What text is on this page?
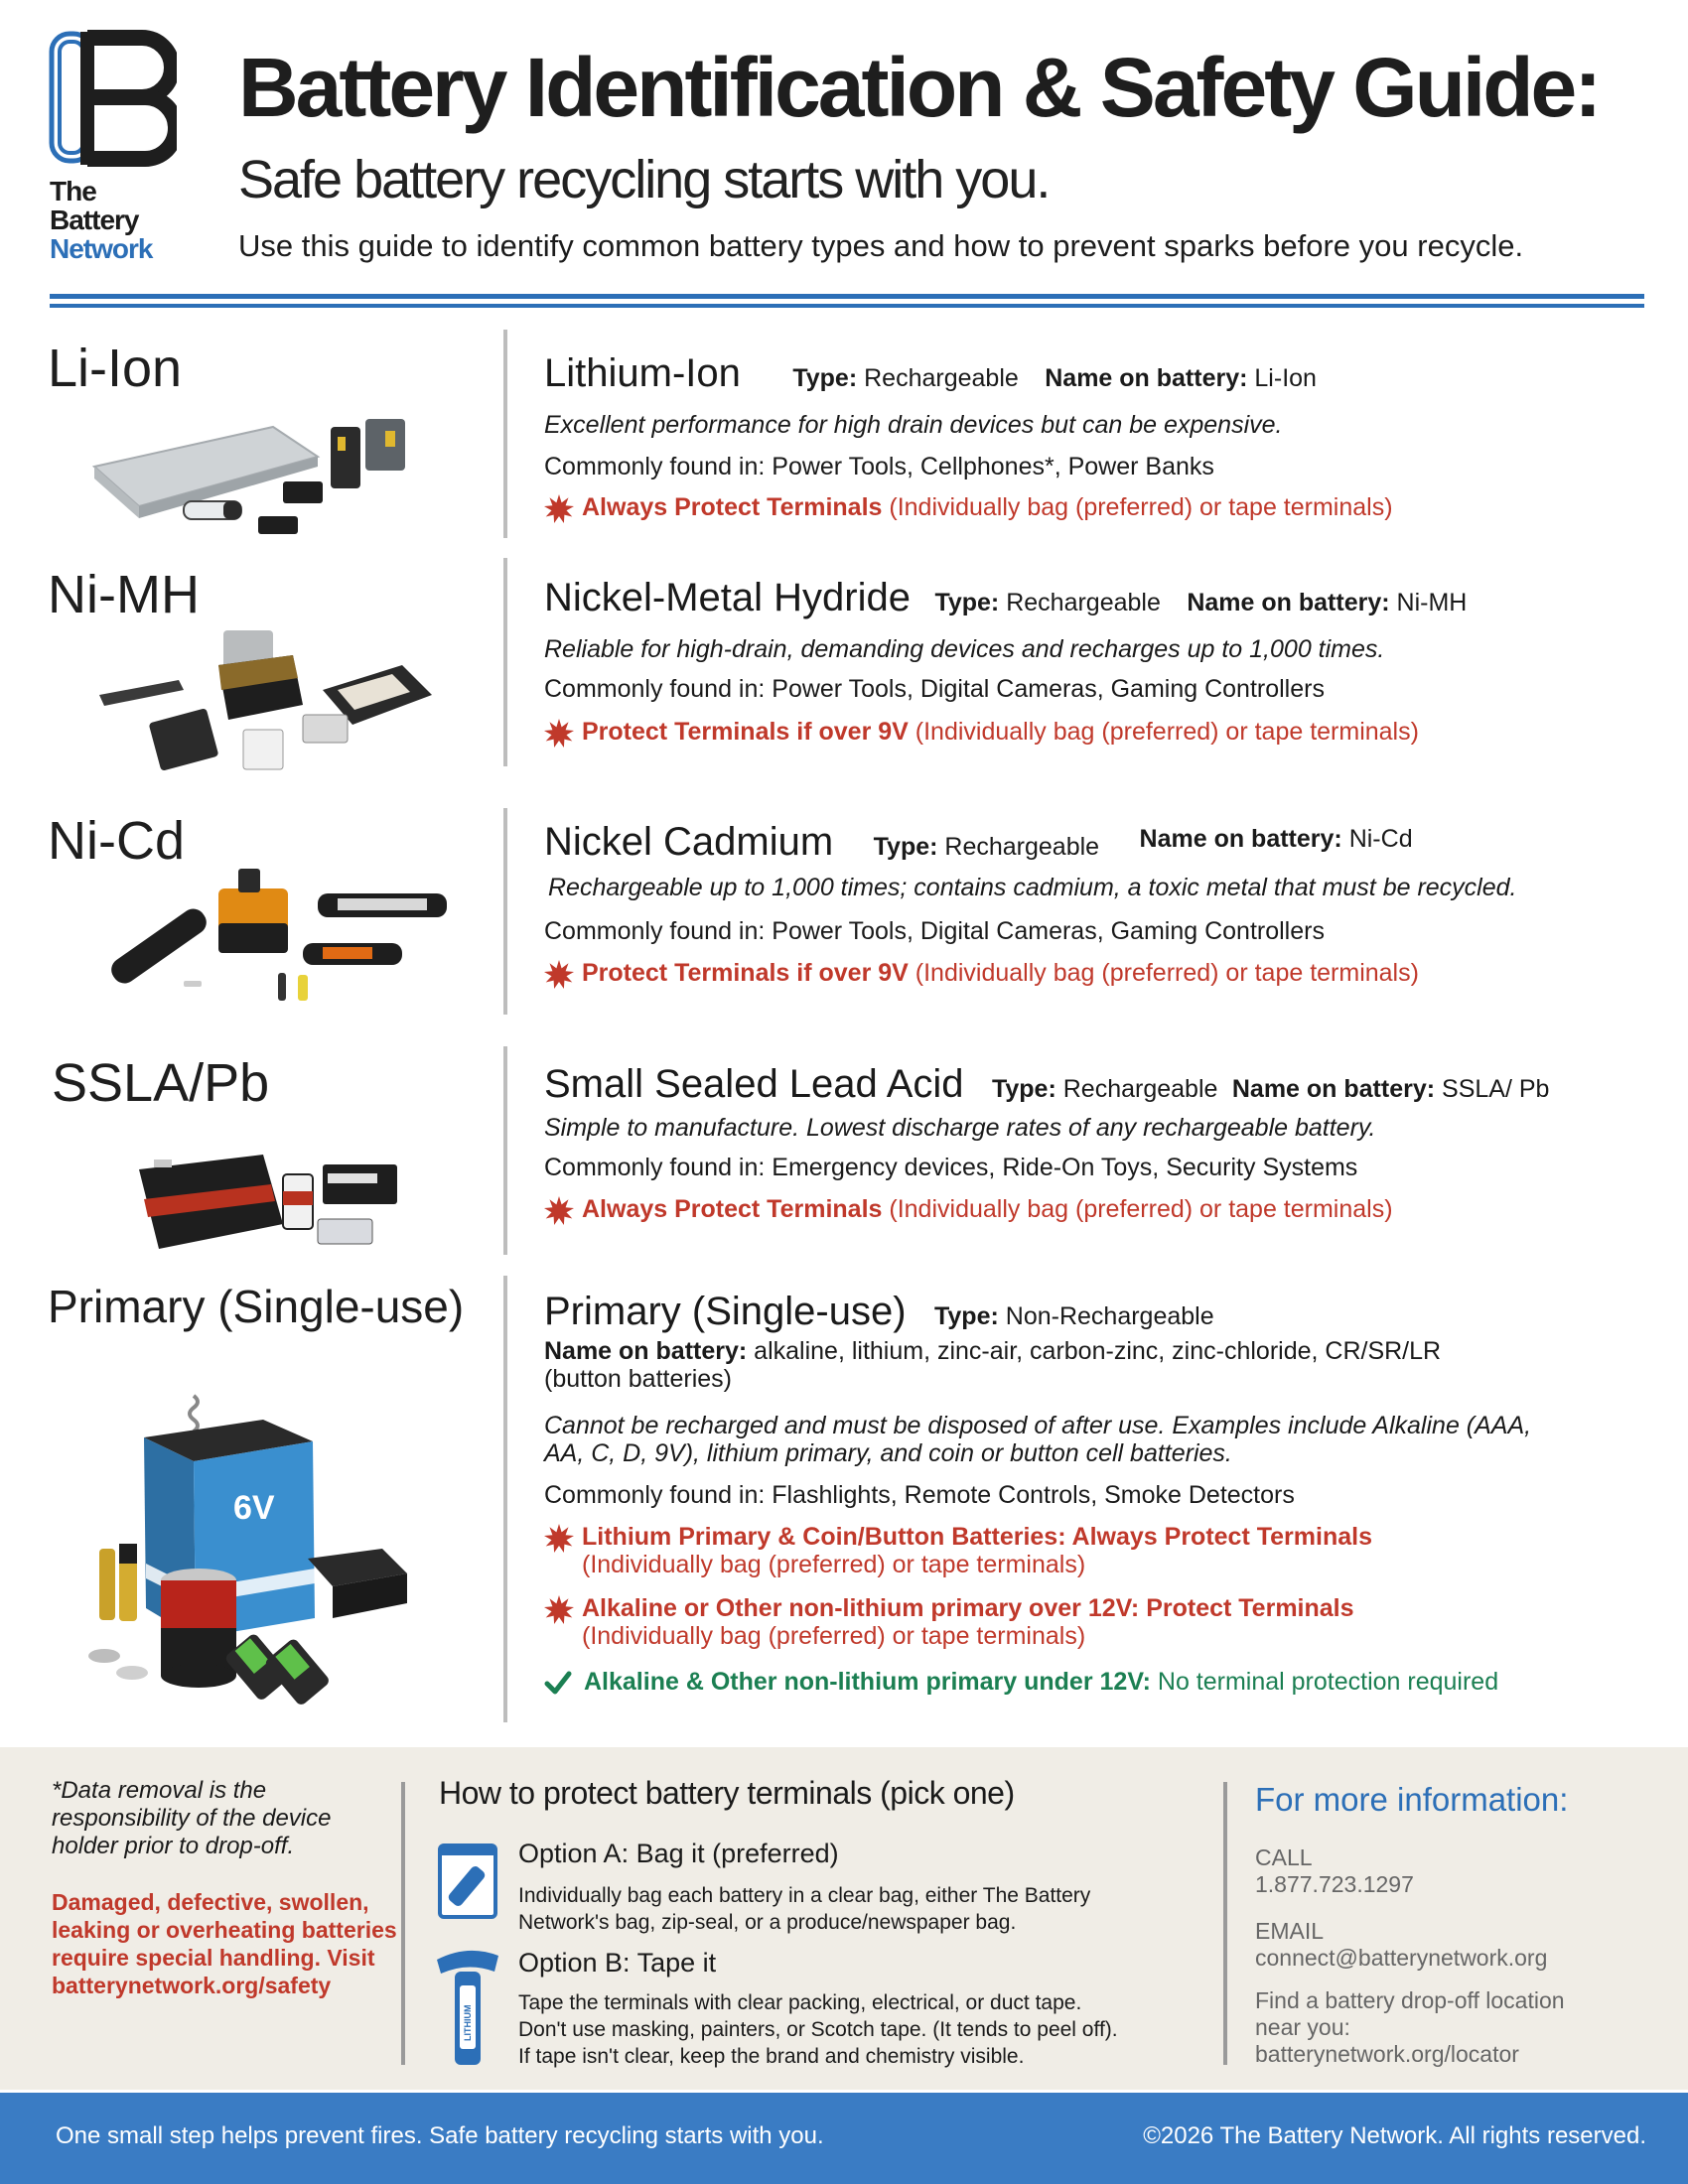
The
Battery
Network
Battery Identification & Safety Guide:
Safe battery recycling starts with you.
Use this guide to identify common battery types and how to prevent sparks before you recycle.
Li-Ion	Lithium-Ion Type: Rechargeable Name on battery: Li-Ion
Excellent performance for high drain devices but can be expensive.
Commonly found in: Power Tools, Cellphones*, Power Banks
Always Protect Terminals (Individually bag (preferred) or tape terminals)
Ni-MH	Nickel-Metal Hydride Type: Rechargeable Name on battery: Ni-MH
Reliable for high-drain, demanding devices and recharges up to 1,000 times.
Commonly found in: Power Tools, Digital Cameras, Gaming Controllers
Protect Terminals if over 9V (Individually bag (preferred) or tape terminals)
Ni-Cd	Nickel Cadmium Type: Rechargeable Name on battery: Ni-Cd
Rechargeable up to 1,000 times; contains cadmium, a toxic metal that must be recycled.
Commonly found in: Power Tools, Digital Cameras, Gaming Controllers
Protect Terminals if over 9V (Individually bag (preferred) or tape terminals)
SSLA/Pb	Small Sealed Lead Acid Type: Rechargeable Name on battery: SSLA/ Pb
Simple to manufacture. Lowest discharge rates of any rechargeable battery.
Commonly found in: Emergency devices, Ride-On Toys, Security Systems
Always Protect Terminals (Individually bag (preferred) or tape terminals)
Primary (Single-use)
6V
Primary (Single-use) Type: Non-Rechargeable
Name on battery: alkaline, lithium, zinc-air, carbon-zinc, zinc-chloride, CR/SR/LR
(button batteries)
Cannot be recharged and must be disposed of after use. Examples include Alkaline (AAA,
AA, C, D, 9V), lithium primary, and coin or button cell batteries.
Commonly found in: Flashlights, Remote Controls, Smoke Detectors
Lithium Primary & Coin/Button Batteries: Always Protect Terminals
(Individually bag (preferred) or tape terminals)
Alkaline or Other non-lithium primary over 12V: Protect Terminals
(Individually bag (preferred) or tape terminals)
Alkaline & Other non-lithium primary under 12V: No terminal protection required
*Data removal is the responsibility of the device holder prior to drop-off.
Damaged, defective, swollen, leaking or overheating batteries require special handling. Visit batterynetwork.org/safety
How to protect battery terminals (pick one)
Option A: Bag it (preferred)
Individually bag each battery in a clear bag, either The Battery
Network's bag, zip-seal, or a produce/newspaper bag.
LITHIUM
Option B: Tape it
Tape the terminals with clear packing, electrical, or duct tape.
Don't use masking, painters, or Scotch tape. (It tends to peel off).
If tape isn't clear, keep the brand and chemistry visible.
For more information:
CALL
1.877.723.1297
EMAIL
connect@batterynetwork.org
Find a battery drop-off location
near you:
batterynetwork.org/locator
One small step helps prevent fires. Safe battery recycling starts with you.	©2026 The Battery Network. All rights reserved.
